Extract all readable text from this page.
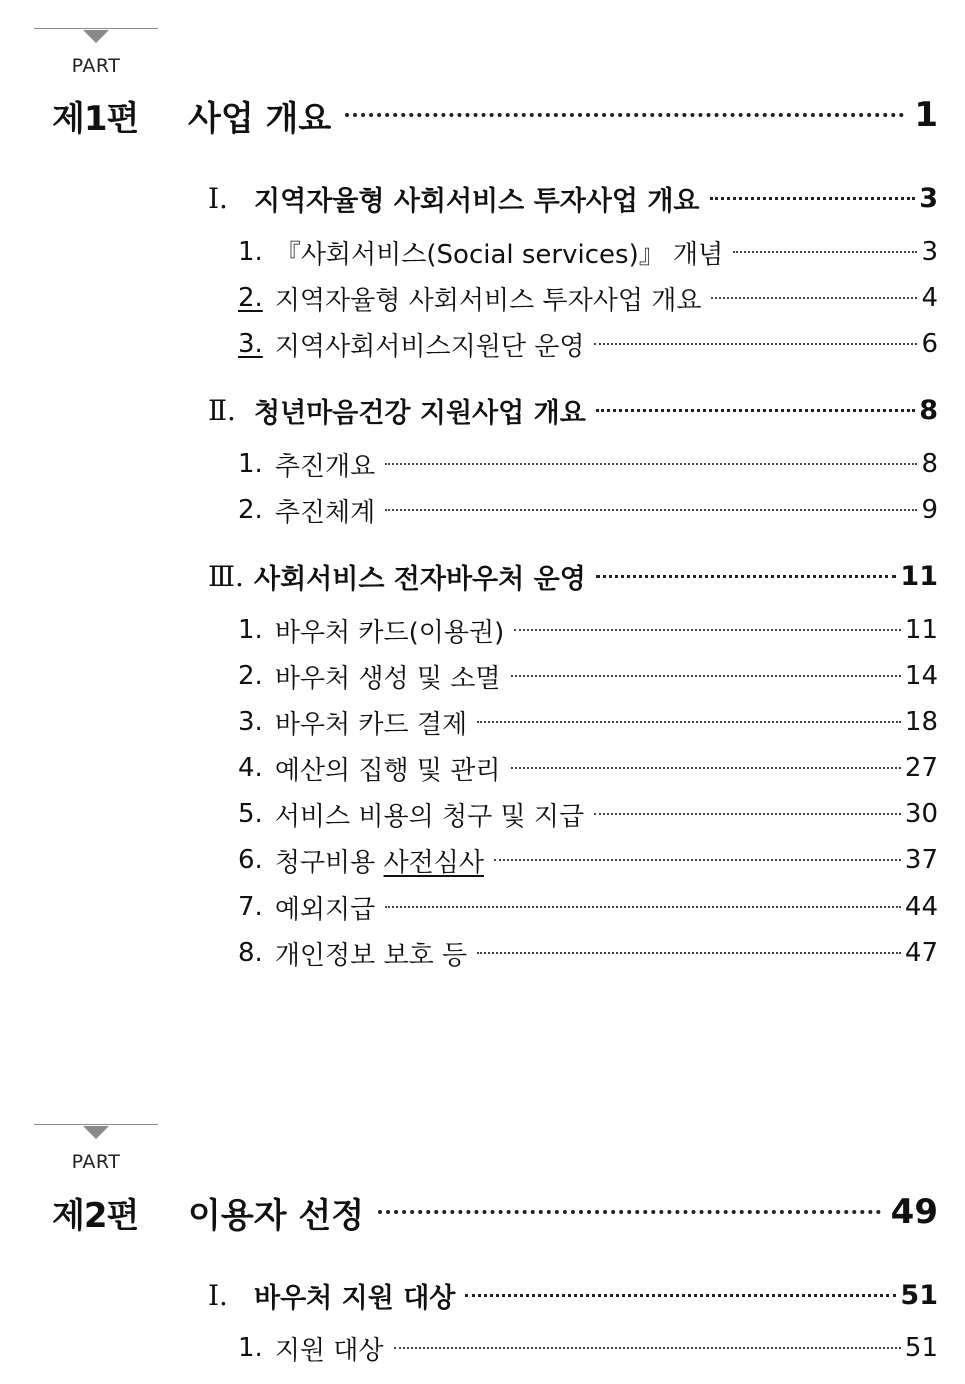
PART
제1편	사업 개요	1
Ⅰ. 지역자율형 사회서비스 투자사업 개요	3
1. 『사회서비스(Social services)』 개념	3
2. 지역자율형 사회서비스 투자사업 개요	4
3. 지역사회서비스지원단 운영	6
Ⅱ. 청년마음건강 지원사업 개요	8
1. 추진개요	8
2. 추진체계	9
Ⅲ. 사회서비스 전자바우처 운영	11
1. 바우처 카드(이용권)	11
2. 바우처 생성 및 소멸	14
3. 바우처 카드 결제	18
4. 예산의 집행 및 관리	27
5. 서비스 비용의 청구 및 지급	30
6. 청구비용 사전심사	37
7. 예외지급	44
8. 개인정보 보호 등	47
PART
제2편	이용자 선정	49
Ⅰ. 바우처 지원 대상	51
1. 지원 대상	51
